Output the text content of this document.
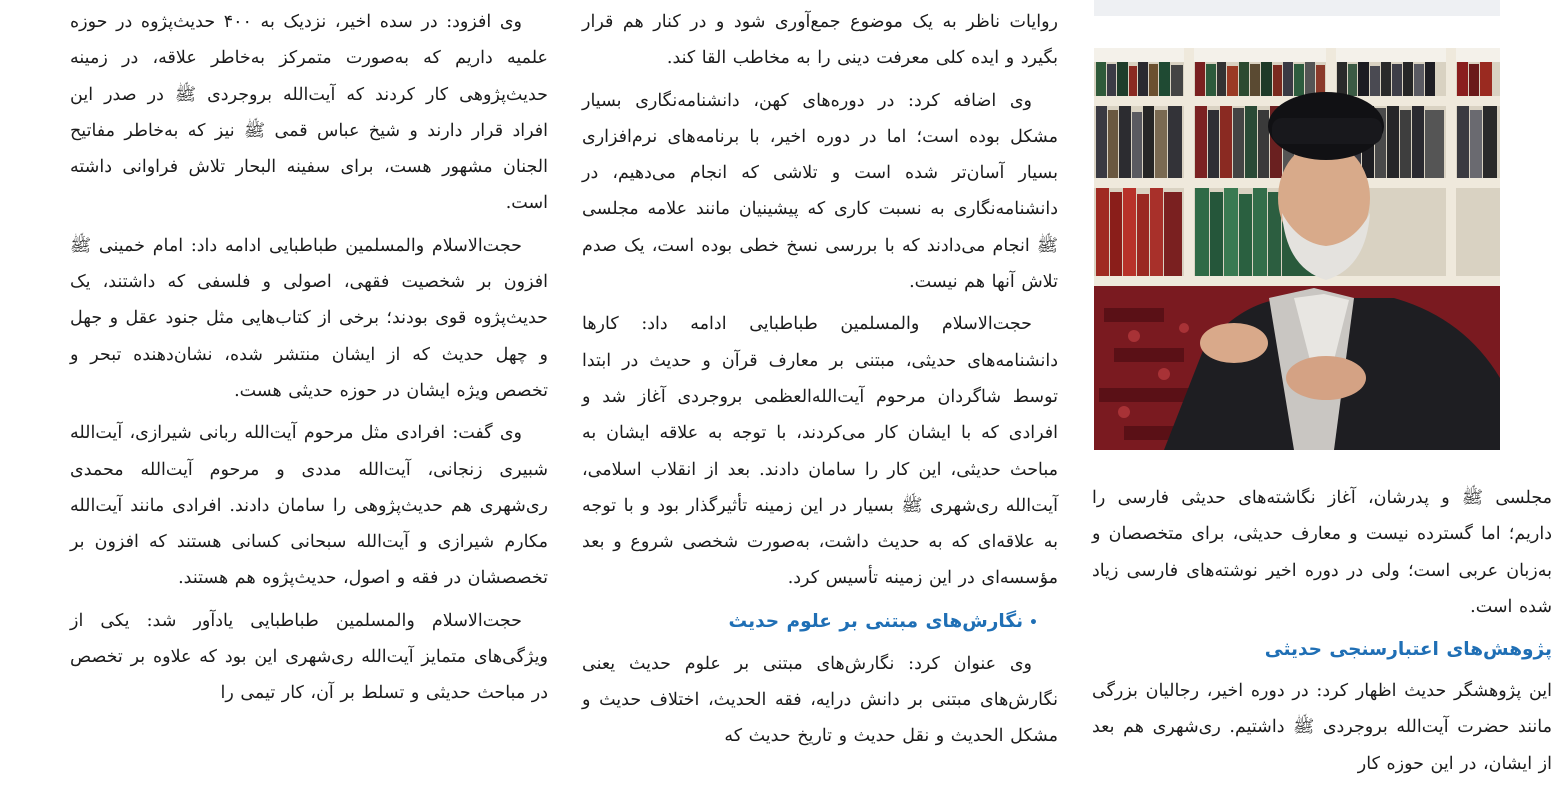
وی افزود: در سده اخیر، نزدیک به ۴۰۰ حدیث‌پژوه در حوزه علمیه داریم که به‌صورت متمرکز به‌خاطر علاقه، در زمینه حدیث‌پژوهی کار کردند که آیت‌الله بروجردی ﷺ در صدر این افراد قرار دارند و شیخ عباس قمی ﷺ نیز که به‌خاطر مفاتیح الجنان مشهور هست، برای سفینه البحار تلاش فراوانی داشته است.

حجت‌الاسلام والمسلمین طباطبایی ادامه داد: امام خمینی ﷺ افزون بر شخصیت فقهی، اصولی و فلسفی که داشتند، یک حدیث‌پژوه قوی بودند؛ برخی از کتاب‌هایی مثل جنود عقل و جهل و چهل حدیث که از ایشان منتشر شده، نشان‌دهنده تبحر و تخصص ویژه ایشان در حوزه حدیثی هست.

وی گفت: افرادی مثل مرحوم آیت‌الله ربانی شیرازی، آیت‌الله شبیری زنجانی، آیت‌الله مددی و مرحوم آیت‌الله محمدی ری‌شهری هم حدیث‌پژوهی را سامان دادند. افرادی مانند آیت‌الله مکارم شیرازی و آیت‌الله سبحانی کسانی هستند که افزون بر تخصصشان در فقه و اصول، حدیث‌پژوه هم هستند.

حجت‌الاسلام والمسلمین طباطبایی یادآور شد: یکی از ویژگی‌های متمایز آیت‌الله ری‌شهری این بود که علاوه بر تخصص در مباحث حدیثی و تسلط بر آن، کار تیمی را

روایات ناظر به یک موضوع جمع‌آوری شود و در کنار هم قرار بگیرد و ایده کلی معرفت دینی را به مخاطب القا کند.

وی اضافه کرد: در دوره‌های کهن، دانشنامه‌نگاری بسیار مشکل بوده است؛ اما در دوره اخیر، با برنامه‌های نرم‌افزاری بسیار آسان‌تر شده است و تلاشی که انجام می‌دهیم، در دانشنامه‌نگاری به نسبت کاری که پیشینیان مانند علامه مجلسی ﷺ انجام می‌دادند که با بررسی نسخ خطی بوده است، یک صدم تلاش آنها هم نیست.

حجت‌الاسلام والمسلمین طباطبایی ادامه داد: کارها دانشنامه‌های حدیثی، مبتنی بر معارف قرآن و حدیث در ابتدا توسط شاگردان مرحوم آیت‌الله‌العظمی بروجردی آغاز شد و افرادی که با ایشان کار می‌کردند، با توجه به علاقه ایشان به مباحث حدیثی، این کار را سامان دادند. بعد از انقلاب اسلامی، آیت‌الله ری‌شهری ﷺ بسیار در این زمینه تأثیرگذار بود و با توجه به علاقه‌ای که به حدیث داشت، به‌صورت شخصی شروع و بعد مؤسسه‌ای در این زمینه تأسیس کرد.

•نگارش‌های مبتنی بر علوم حدیث

وی عنوان کرد: نگارش‌های مبتنی بر علوم حدیث یعنی نگارش‌های مبتنی بر دانش درایه، فقه الحدیث، اختلاف حدیث و مشکل الحدیث و نقل حدیث و تاریخ حدیث که

مجلسی ﷺ و پدرشان، آغاز نگاشته‌های حدیثی فارسی را داریم؛ اما گسترده نیست و معارف حدیثی، برای متخصصان و به‌زبان عربی است؛ ولی در دوره اخیر نوشته‌های فارسی زیاد شده است.

پژوهش‌های اعتبارسنجی حدیثی

این پژوهشگر حدیث اظهار کرد: در دوره اخیر، رجالیان بزرگی مانند حضرت آیت‌الله بروجردی ﷺ داشتیم. ری‌شهری هم بعد از ایشان، در این حوزه کار
